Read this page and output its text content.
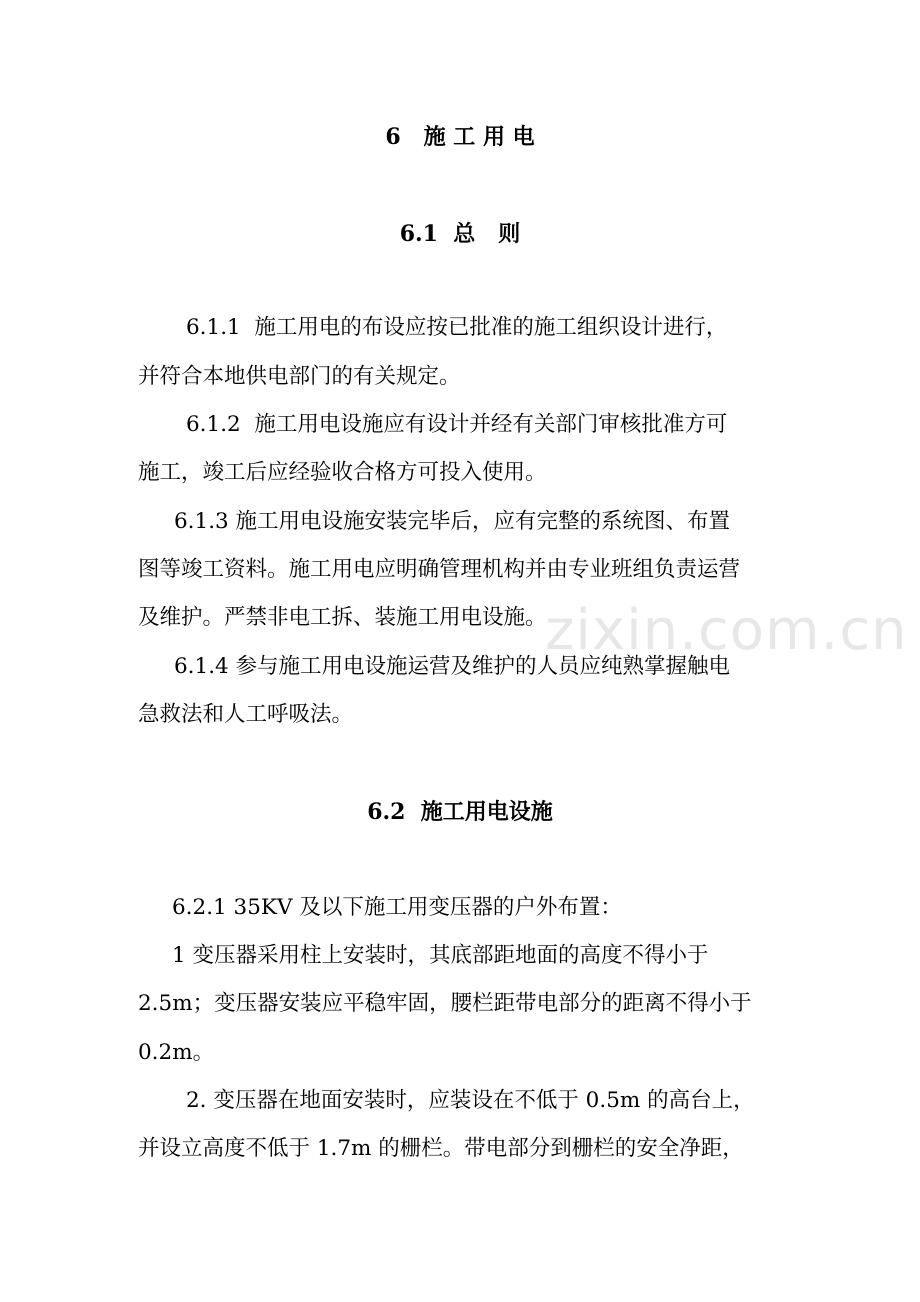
6   施 工 用 电
6.1  总   则
6.1.1  施工用电的布设应按已批准的施工组织设计进行，
并符合本地供电部门的有关规定。
6.1.2  施工用电设施应有设计并经有关部门审核批准方可
施工，竣工后应经验收合格方可投入使用。
6.1.3 施工用电设施安装完毕后，应有完整的系统图、布置
图等竣工资料。施工用电应明确管理机构并由专业班组负责运营
及维护。严禁非电工拆、装施工用电设施。
6.1.4 参与施工用电设施运营及维护的人员应纯熟掌握触电
急救法和人工呼吸法。
6.2  施工用电设施
6.2.1 35KV 及以下施工用变压器的户外布置：
1 变压器采用柱上安装时，其底部距地面的高度不得小于
2.5m；变压器安装应平稳牢固，腰栏距带电部分的距离不得小于
0.2m。
2. 变压器在地面安装时，应装设在不低于 0.5m 的高台上，
并设立高度不低于 1.7m 的栅栏。带电部分到栅栏的安全净距，
zixin.com.cn
